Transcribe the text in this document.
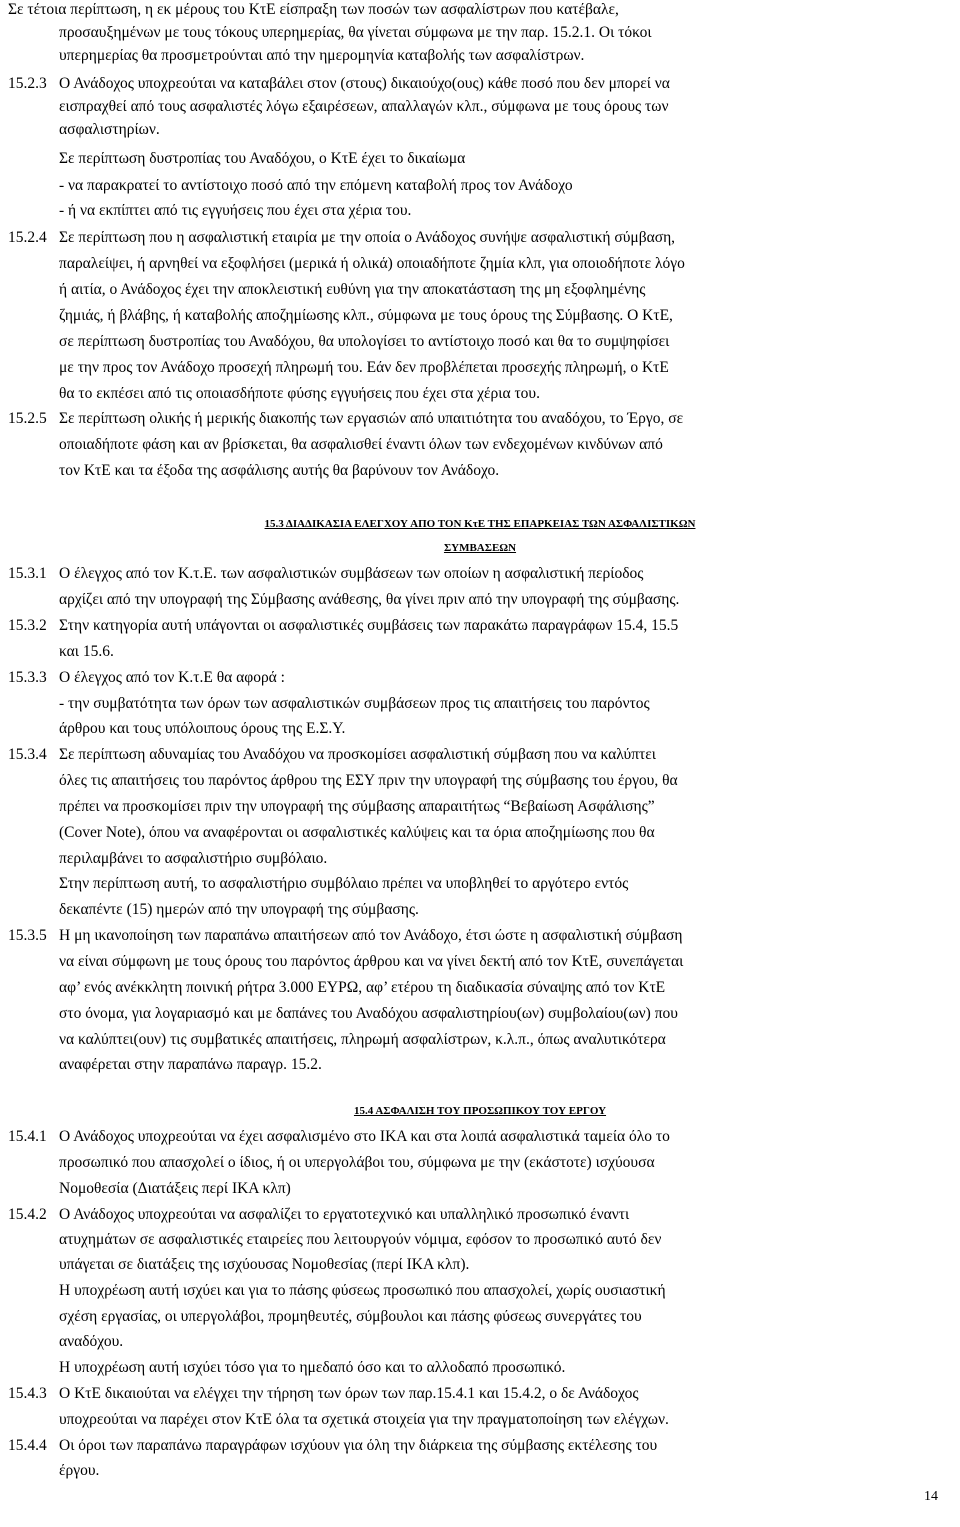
Σε τέτοια περίπτωση, η εκ μέρους του ΚτΕ είσπραξη των ποσών των ασφαλίστρων που κατέβαλε,
προσαυξημένων με τους τόκους υπερημερίας, θα γίνεται σύμφωνα με την παρ. 15.2.1. Οι τόκοι
υπερημερίας θα προσμετρούνται από την ημερομηνία καταβολής των ασφαλίστρων.
15.2.3 Ο Ανάδοχος υποχρεούται να καταβάλει στον (στους) δικαιούχο(ους) κάθε ποσό που δεν μπορεί να
εισπραχθεί από τους ασφαλιστές λόγω εξαιρέσεων, απαλλαγών κλπ., σύμφωνα με τους όρους των
ασφαλιστηρίων.
Σε περίπτωση δυστροπίας του Αναδόχου, ο ΚτΕ έχει το δικαίωμα
- να παρακρατεί το αντίστοιχο ποσό από την επόμενη καταβολή προς τον Ανάδοχο
- ή να εκπίπτει από τις εγγυήσεις που έχει στα χέρια του.
15.2.4 Σε περίπτωση που η ασφαλιστική εταιρία με την οποία ο Ανάδοχος συνήψε ασφαλιστική σύμβαση,
παραλείψει, ή αρνηθεί να εξοφλήσει (μερικά ή ολικά) οποιαδήποτε ζημία κλπ, για οποιοδήποτε λόγο
ή αιτία, ο Ανάδοχος έχει την αποκλειστική ευθύνη για την αποκατάσταση της μη εξοφλημένης
ζημιάς, ή βλάβης, ή καταβολής αποζημίωσης κλπ., σύμφωνα με τους όρους της Σύμβασης. Ο ΚτΕ,
σε περίπτωση δυστροπίας του Αναδόχου, θα υπολογίσει το αντίστοιχο ποσό και θα το συμψηφίσει
με την προς τον Ανάδοχο προσεχή πληρωμή του. Εάν δεν προβλέπεται προσεχής πληρωμή, ο ΚτΕ
θα το εκπέσει από τις οποιασδήποτε φύσης εγγυήσεις που έχει στα χέρια του.
15.2.5 Σε περίπτωση ολικής ή μερικής διακοπής των εργασιών από υπαιτιότητα του αναδόχου, το Έργο, σε
οποιαδήποτε φάση και αν βρίσκεται, θα ασφαλισθεί έναντι όλων των ενδεχομένων κινδύνων από
τον ΚτΕ και τα έξοδα της ασφάλισης αυτής θα βαρύνουν τον Ανάδοχο.
15.3 ΔΙΑΔΙΚΑΣΙΑ ΕΛΕΓΧΟΥ ΑΠΟ ΤΟΝ ΚτΕ ΤΗΣ ΕΠΑΡΚΕΙΑΣ ΤΩΝ ΑΣΦΑΛΙΣΤΙΚΩΝ
ΣΥΜΒΑΣΕΩΝ
15.3.1 Ο έλεγχος από τον Κ.τ.Ε. των ασφαλιστικών συμβάσεων των οποίων η ασφαλιστική περίοδος
αρχίζει από την υπογραφή της Σύμβασης ανάθεσης, θα γίνει πριν από την υπογραφή της σύμβασης.
15.3.2 Στην κατηγορία αυτή υπάγονται οι ασφαλιστικές συμβάσεις των παρακάτω παραγράφων 15.4, 15.5
και 15.6.
15.3.3 Ο έλεγχος από τον Κ.τ.Ε θα αφορά :
- την συμβατότητα των όρων των ασφαλιστικών συμβάσεων προς τις απαιτήσεις του παρόντος
άρθρου και τους υπόλοιπους όρους της Ε.Σ.Υ.
15.3.4 Σε περίπτωση αδυναμίας του Αναδόχου να προσκομίσει ασφαλιστική σύμβαση που να καλύπτει
όλες τις απαιτήσεις του παρόντος άρθρου της ΕΣΥ πριν την υπογραφή της σύμβασης του έργου, θα
πρέπει να προσκομίσει πριν την υπογραφή της σύμβασης απαραιτήτως “Βεβαίωση Ασφάλισης”
(Cover Note), όπου να αναφέρονται οι ασφαλιστικές καλύψεις και τα όρια αποζημίωσης που θα
περιλαμβάνει το ασφαλιστήριο συμβόλαιο.
Στην περίπτωση αυτή, το ασφαλιστήριο συμβόλαιο πρέπει να υποβληθεί το αργότερο εντός
δεκαπέντε (15) ημερών από την υπογραφή της σύμβασης.
15.3.5 Η μη ικανοποίηση των παραπάνω απαιτήσεων από τον Ανάδοχο, έτσι ώστε η ασφαλιστική σύμβαση
να είναι σύμφωνη με τους όρους του παρόντος άρθρου και να γίνει δεκτή από τον ΚτΕ, συνεπάγεται
αφ’ ενός ανέκκλητη ποινική ρήτρα 3.000 ΕΥΡΩ, αφ’ ετέρου τη διαδικασία σύναψης από τον ΚτΕ
στο όνομα, για λογαριασμό και με δαπάνες του Αναδόχου ασφαλιστηρίου(ων) συμβολαίου(ων) που
να καλύπτει(ουν) τις συμβατικές απαιτήσεις, πληρωμή ασφαλίστρων, κ.λ.π., όπως αναλυτικότερα
αναφέρεται στην παραπάνω παραγρ. 15.2.
15.4 ΑΣΦΑΛΙΣΗ ΤΟΥ ΠΡΟΣΩΠΙΚΟΥ ΤΟΥ ΕΡΓΟΥ
15.4.1 Ο Ανάδοχος υποχρεούται να έχει ασφαλισμένο στο ΙΚΑ και στα λοιπά ασφαλιστικά ταμεία όλο το
προσωπικό που απασχολεί ο ίδιος, ή οι υπεργολάβοι του, σύμφωνα με την (εκάστοτε) ισχύουσα
Νομοθεσία (Διατάξεις περί ΙΚΑ κλπ)
15.4.2 Ο Ανάδοχος υποχρεούται να ασφαλίζει το εργατοτεχνικό και υπαλληλικό προσωπικό έναντι
ατυχημάτων σε ασφαλιστικές εταιρείες που λειτουργούν νόμιμα, εφόσον το προσωπικό αυτό δεν
υπάγεται σε διατάξεις της ισχύουσας Νομοθεσίας (περί ΙΚΑ κλπ).
Η υποχρέωση αυτή ισχύει και για το πάσης φύσεως προσωπικό που απασχολεί, χωρίς ουσιαστική
σχέση εργασίας, οι υπεργολάβοι, προμηθευτές, σύμβουλοι και πάσης φύσεως συνεργάτες του
αναδόχου.
Η υποχρέωση αυτή ισχύει τόσο για το ημεδαπό όσο και το αλλοδαπό προσωπικό.
15.4.3 Ο ΚτΕ δικαιούται να ελέγχει την τήρηση των όρων των παρ.15.4.1 και 15.4.2, ο δε Ανάδοχος
υποχρεούται να παρέχει στον ΚτΕ όλα τα σχετικά στοιχεία για την πραγματοποίηση των ελέγχων.
15.4.4 Οι όροι των παραπάνω παραγράφων ισχύουν για όλη την διάρκεια της σύμβασης εκτέλεσης του
έργου.
14
